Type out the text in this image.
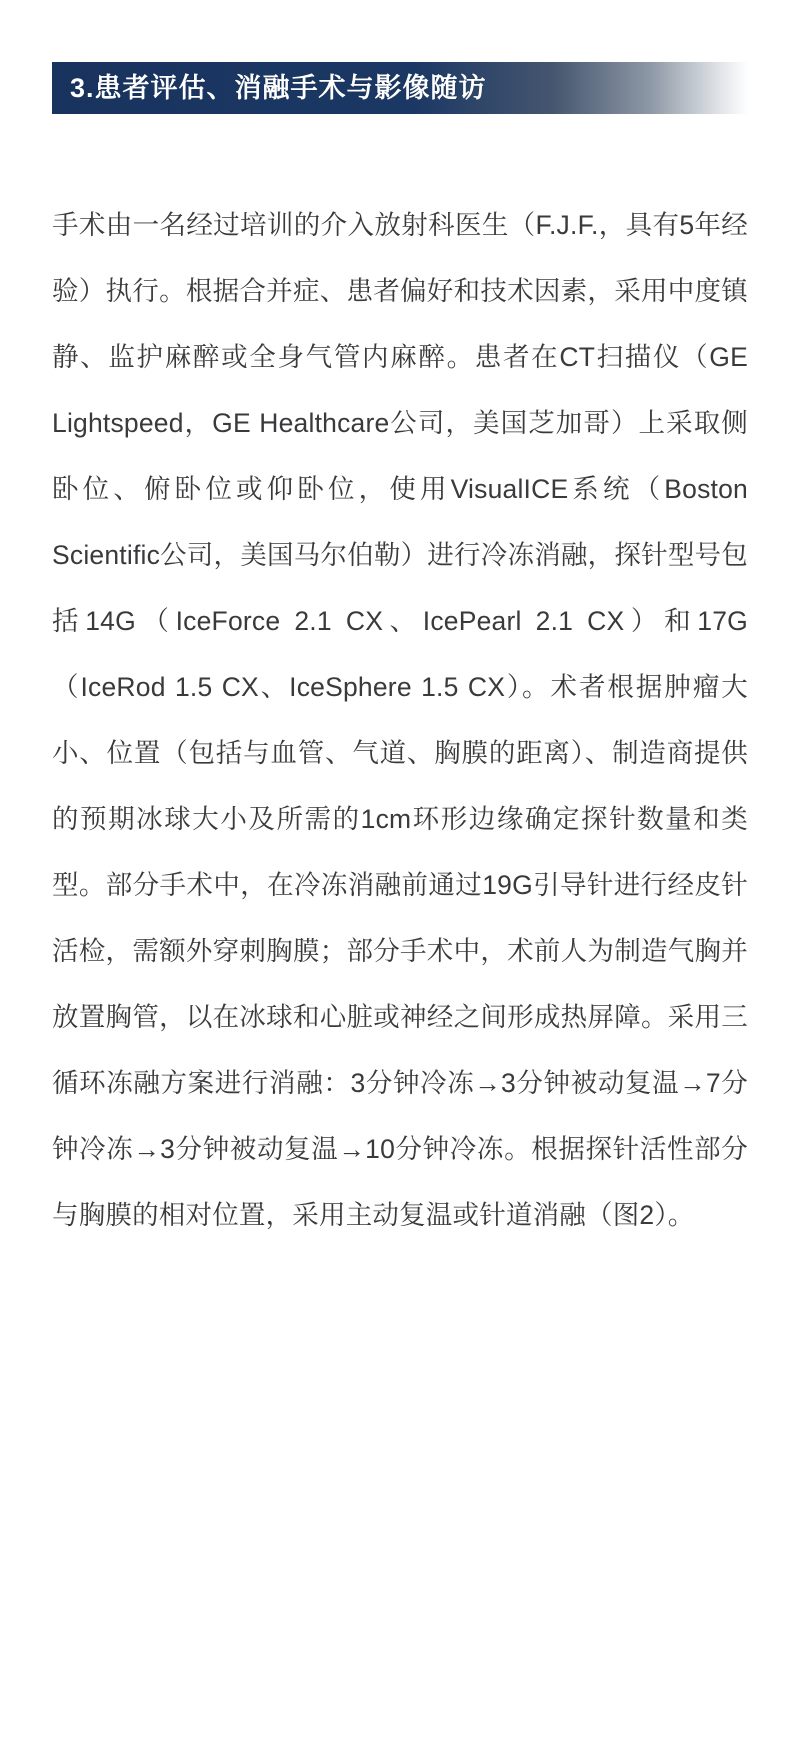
3.患者评估、消融手术与影像随访

手术由一名经过培训的介入放射科医生（F.J.F.，具有5年经验）执行。根据合并症、患者偏好和技术因素，采用中度镇静、监护麻醉或全身气管内麻醉。患者在CT扫描仪（GE Lightspeed，GE Healthcare公司，美国芝加哥）上采取侧卧位、俯卧位或仰卧位，使用VisualICE系统（Boston Scientific公司，美国马尔伯勒）进行冷冻消融，探针型号包括14G（IceForce 2.1 CX、IcePearl 2.1 CX）和17G（IceRod 1.5 CX、IceSphere 1.5 CX）。术者根据肿瘤大小、位置（包括与血管、气道、胸膜的距离）、制造商提供的预期冰球大小及所需的1cm环形边缘确定探针数量和类型。部分手术中，在冷冻消融前通过19G引导针进行经皮针活检，需额外穿刺胸膜；部分手术中，术前人为制造气胸并放置胸管，以在冰球和心脏或神经之间形成热屏障。采用三循环冻融方案进行消融：3分钟冷冻→3分钟被动复温→7分钟冷冻→3分钟被动复温→10分钟冷冻。根据探针活性部分与胸膜的相对位置，采用主动复温或针道消融（图2）。
